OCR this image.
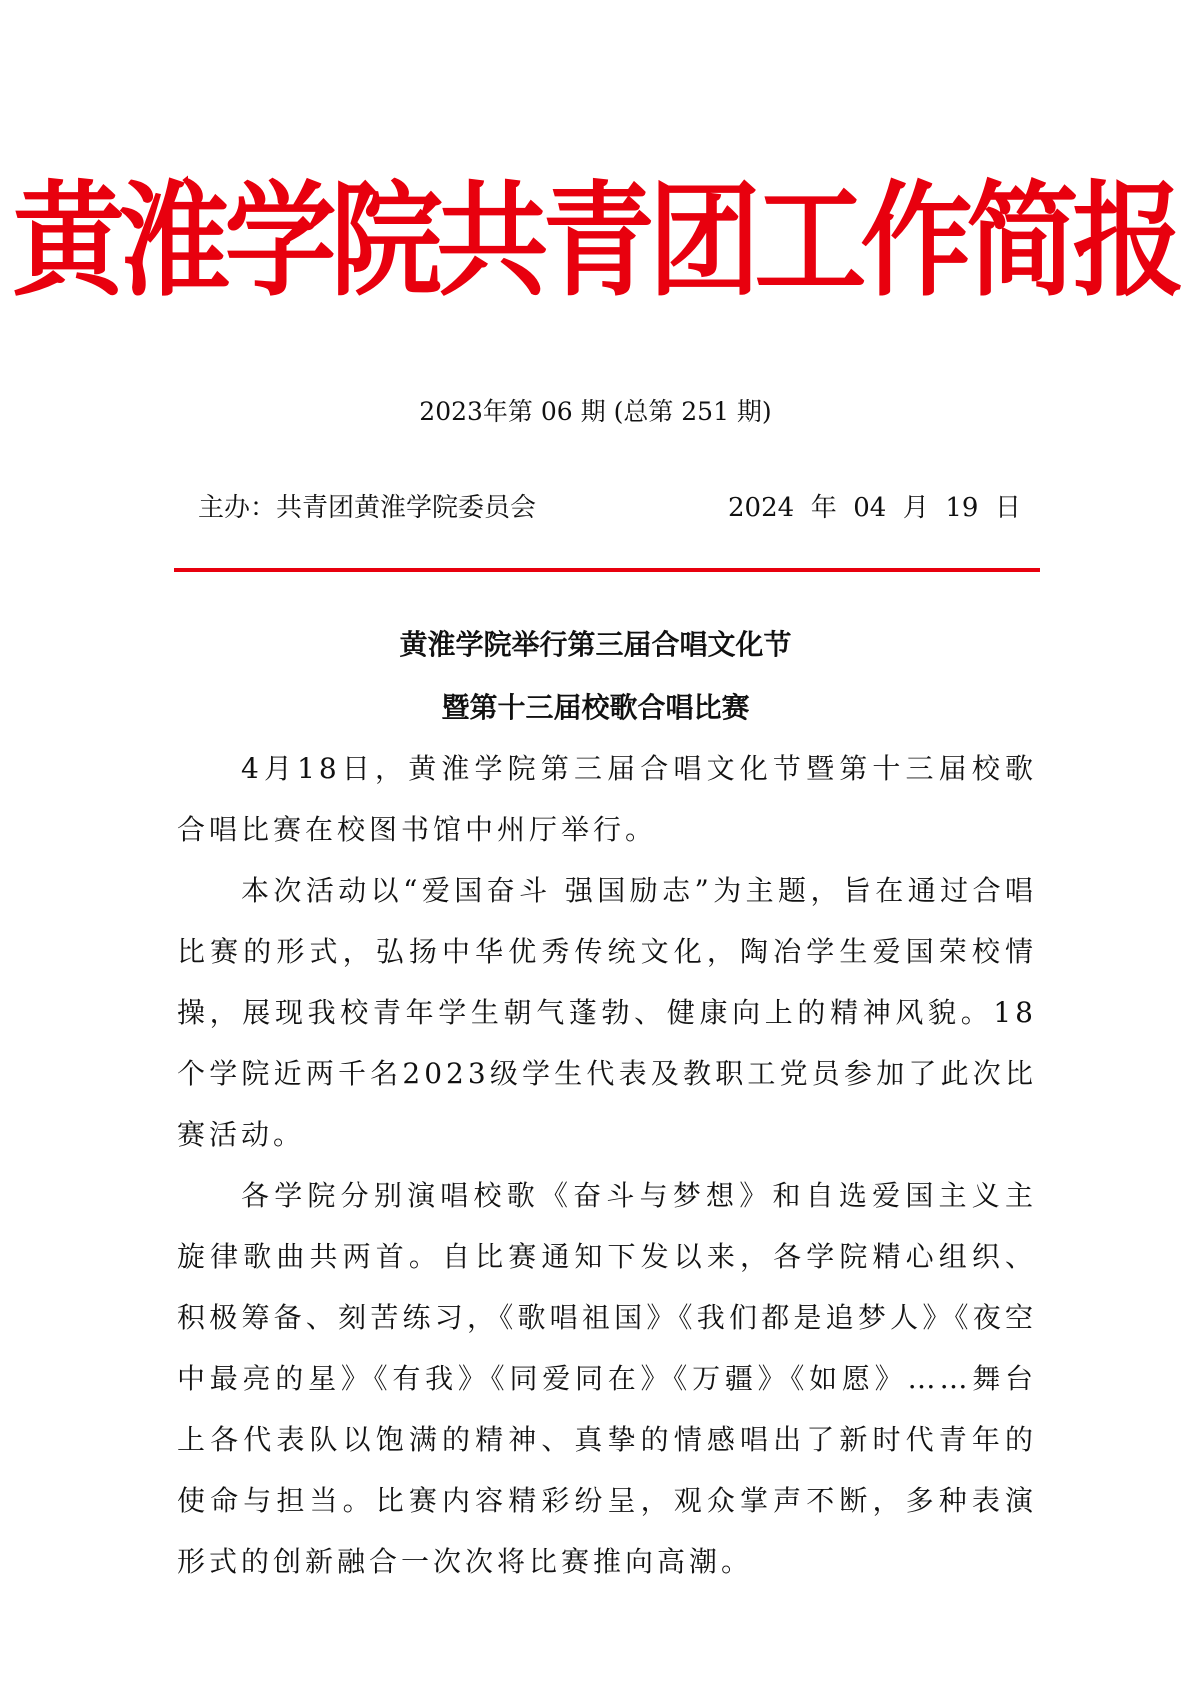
黄淮学院共青团工作简报
2023年第 06 期 (总第 251 期)
主办：共青团黄淮学院委员会	2024  年  04  月  19  日
黄淮学院举行第三届合唱文化节
暨第十三届校歌合唱比赛

4月18日，黄淮学院第三届合唱文化节暨第十三届校歌合唱比赛在校图书馆中州厅举行。

本次活动以“爱国奋斗 强国励志”为主题，旨在通过合唱比赛的形式，弘扬中华优秀传统文化，陶冶学生爱国荣校情操，展现我校青年学生朝气蓬勃、健康向上的精神风貌。18个学院近两千名2023级学生代表及教职工党员参加了此次比赛活动。

各学院分别演唱校歌《奋斗与梦想》和自选爱国主义主旋律歌曲共两首。自比赛通知下发以来，各学院精心组织、积极筹备、刻苦练习，《歌唱祖国》《我们都是追梦人》《夜空中最亮的星》《有我》《同爱同在》《万疆》《如愿》……舞台上各代表队以饱满的精神、真挚的情感唱出了新时代青年的使命与担当。比赛内容精彩纷呈，观众掌声不断，多种表演形式的创新融合一次次将比赛推向高潮。
